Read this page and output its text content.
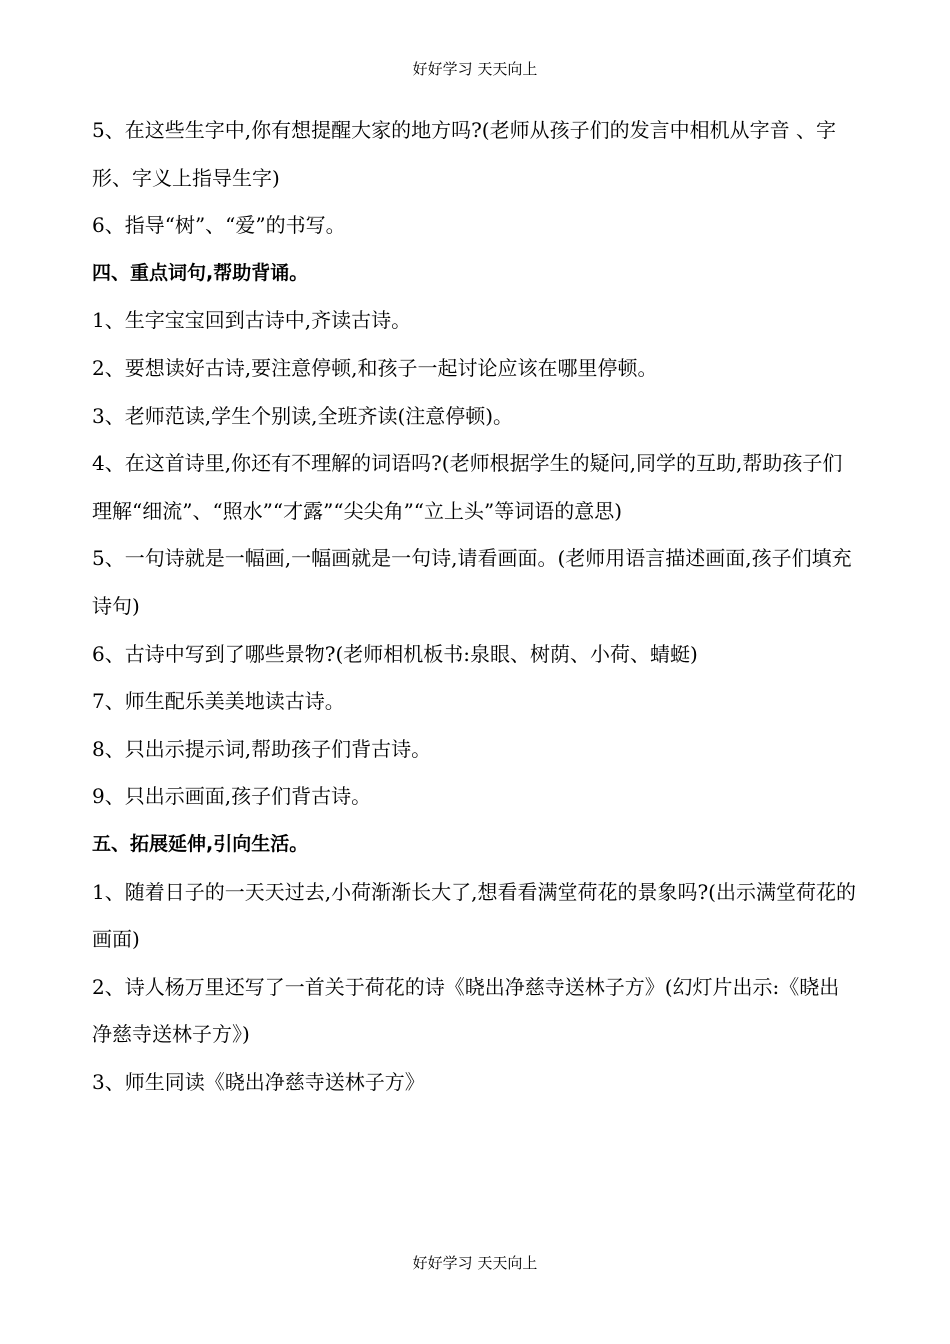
好好学习 天天向上

5、在这些生字中,你有想提醒大家的地方吗?(老师从孩子们的发言中相机从字音 、字形、字义上指导生字)

6、指导“树”、“爱”的书写。

四、重点词句,帮助背诵。

1、生字宝宝回到古诗中,齐读古诗。

2、要想读好古诗,要注意停顿,和孩子一起讨论应该在哪里停顿。

3、老师范读,学生个别读,全班齐读(注意停顿)。

4、在这首诗里,你还有不理解的词语吗?(老师根据学生的疑问,同学的互助,帮助孩子们理解“细流”、“照水”“才露”“尖尖角”“立上头”等词语的意思)

5、一句诗就是一幅画,一幅画就是一句诗,请看画面。(老师用语言描述画面,孩子们填充诗句)

6、古诗中写到了哪些景物?(老师相机板书:泉眼、树荫、小荷、蜻蜓)

7、师生配乐美美地读古诗。

8、只出示提示词,帮助孩子们背古诗。

9、只出示画面,孩子们背古诗。

五、拓展延伸,引向生活。

1、随着日子的一天天过去,小荷渐渐长大了,想看看满堂荷花的景象吗?(出示满堂荷花的画面)

2、诗人杨万里还写了一首关于荷花的诗《晓出净慈寺送林子方》(幻灯片出示:《晓出净慈寺送林子方》)

3、师生同读《晓出净慈寺送林子方》

好好学习 天天向上
